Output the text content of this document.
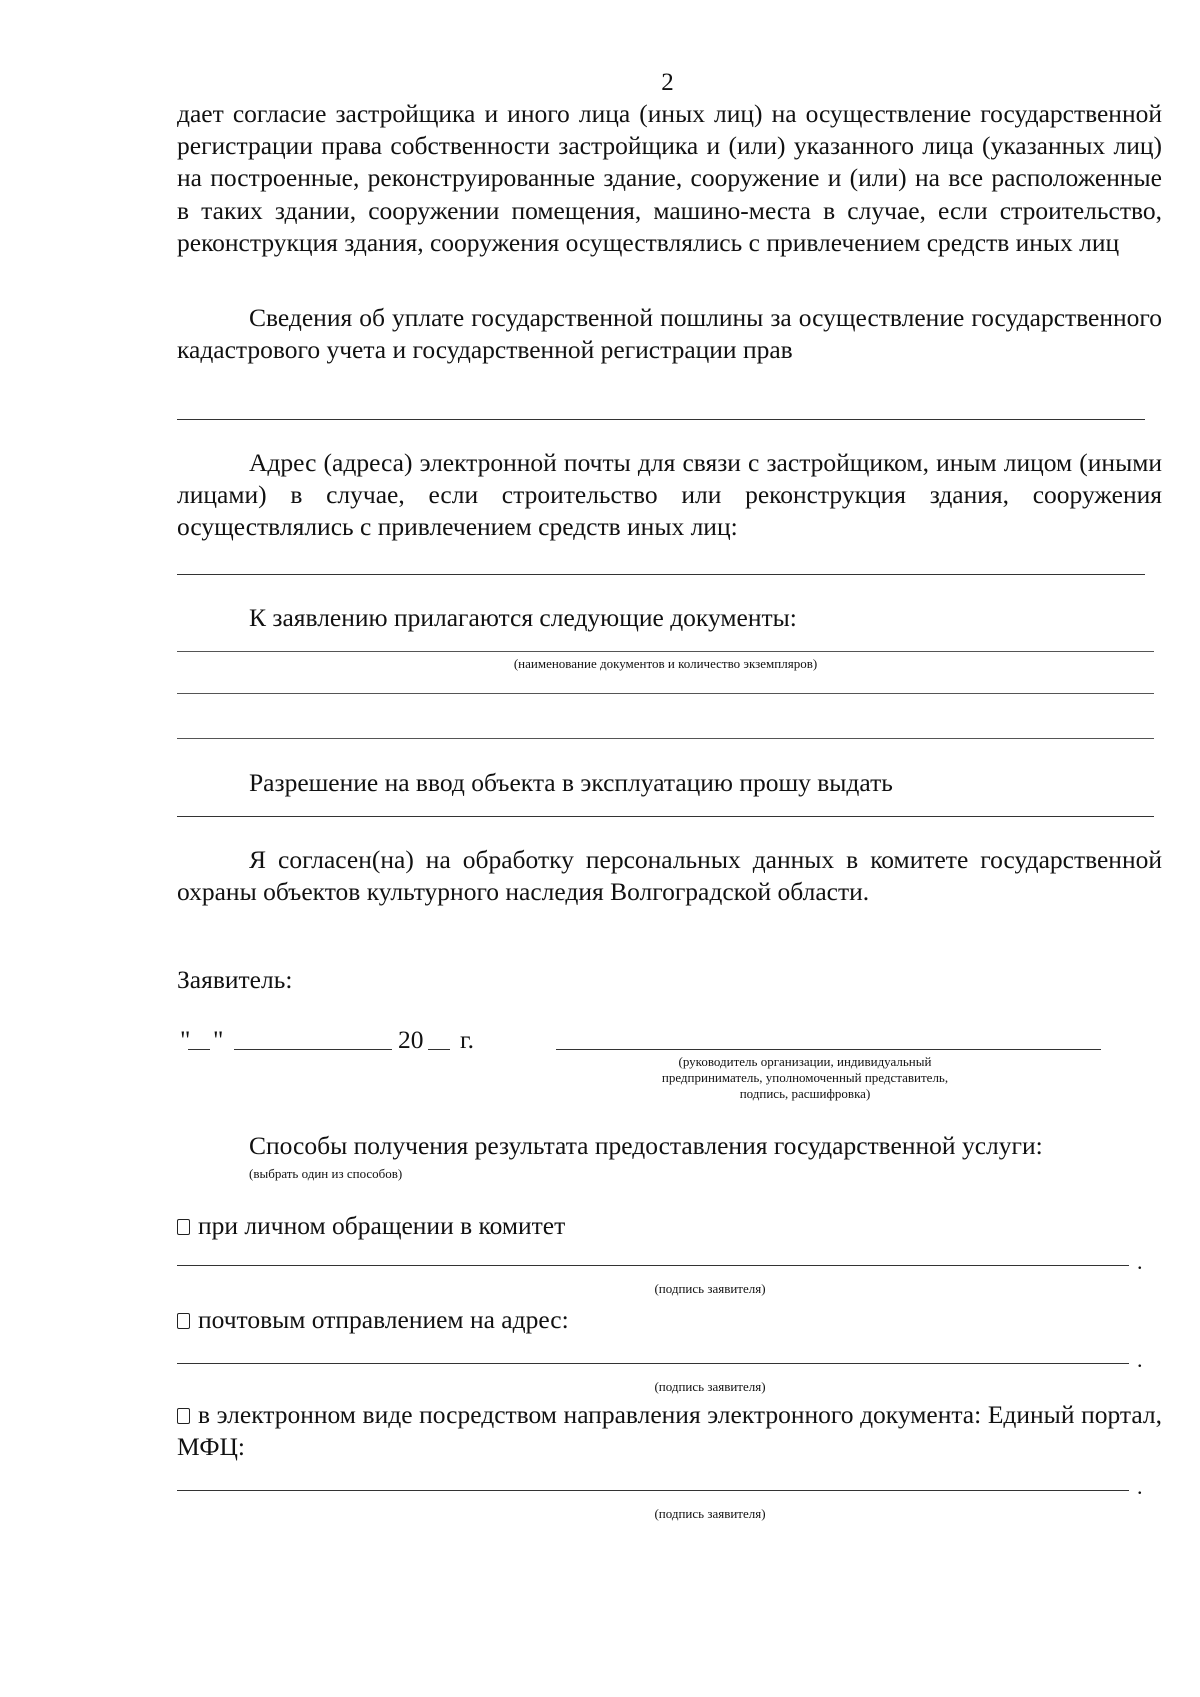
2

дает согласие застройщика и иного лица (иных лиц) на осуществление государственной регистрации права собственности застройщика и (или) указанного лица (указанных лиц) на построенные, реконструированные здание, сооружение и (или) на все расположенные в таких здании, сооружении помещения, машино-места в случае, если строительство, реконструкция здания, сооружения осуществлялись с привлечением средств иных лиц

Сведения об уплате государственной пошлины за осуществление государственного кадастрового учета и государственной регистрации прав

Адрес (адреса) электронной почты для связи с застройщиком, иным лицом (иными лицами) в случае, если строительство или реконструкция здания, сооружения осуществлялись с привлечением средств иных лиц:

К заявлению прилагаются следующие документы:
(наименование документов и количество экземпляров)
Разрешение на ввод объекта в эксплуатацию прошу выдать

Я согласен(на) на обработку персональных данных в комитете государственной охраны объектов культурного наследия Волгоградской области.

Заявитель:
" "	20 г.
(руководитель организации, индивидуальный предприниматель, уполномоченный представитель, подпись, расшифровка)
Способы получения результата предоставления государственной услуги:
(выбрать один из способов)
при личном обращении в комитет
.
(подпись заявителя)
почтовым отправлением на адрес:
.
(подпись заявителя)
в электронном виде посредством направления электронного документа: Единый портал, МФЦ:
.
(подпись заявителя)
